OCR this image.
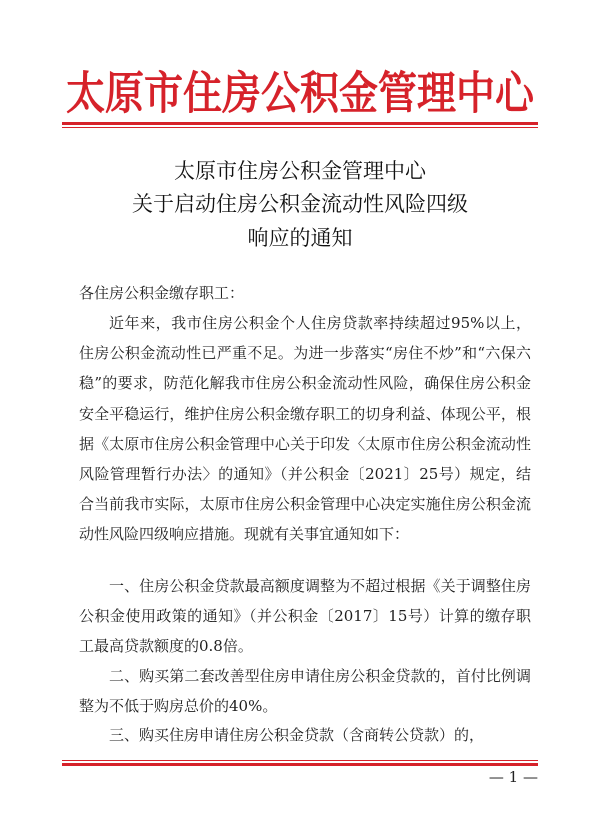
太原市住房公积金管理中心
太原市住房公积金管理中心
关于启动住房公积金流动性风险四级
响应的通知
各住房公积金缴存职工：

近年来，我市住房公积金个人住房贷款率持续超过95%以上，住房公积金流动性已严重不足。为进一步落实“房住不炒”和“六保六稳”的要求，防范化解我市住房公积金流动性风险，确保住房公积金安全平稳运行，维护住房公积金缴存职工的切身利益、体现公平，根据《太原市住房公积金管理中心关于印发〈太原市住房公积金流动性风险管理暂行办法〉的通知》（并公积金〔2021〕25号）规定，结合当前我市实际，太原市住房公积金管理中心决定实施住房公积金流动性风险四级响应措施。现就有关事宜通知如下：

一、住房公积金贷款最高额度调整为不超过根据《关于调整住房公积金使用政策的通知》（并公积金〔2017〕15号）计算的缴存职工最高贷款额度的0.8倍。

二、购买第二套改善型住房申请住房公积金贷款的，首付比例调整为不低于购房总价的40%。

三、购买住房申请住房公积金贷款（含商转公贷款）的，

— 1 —
